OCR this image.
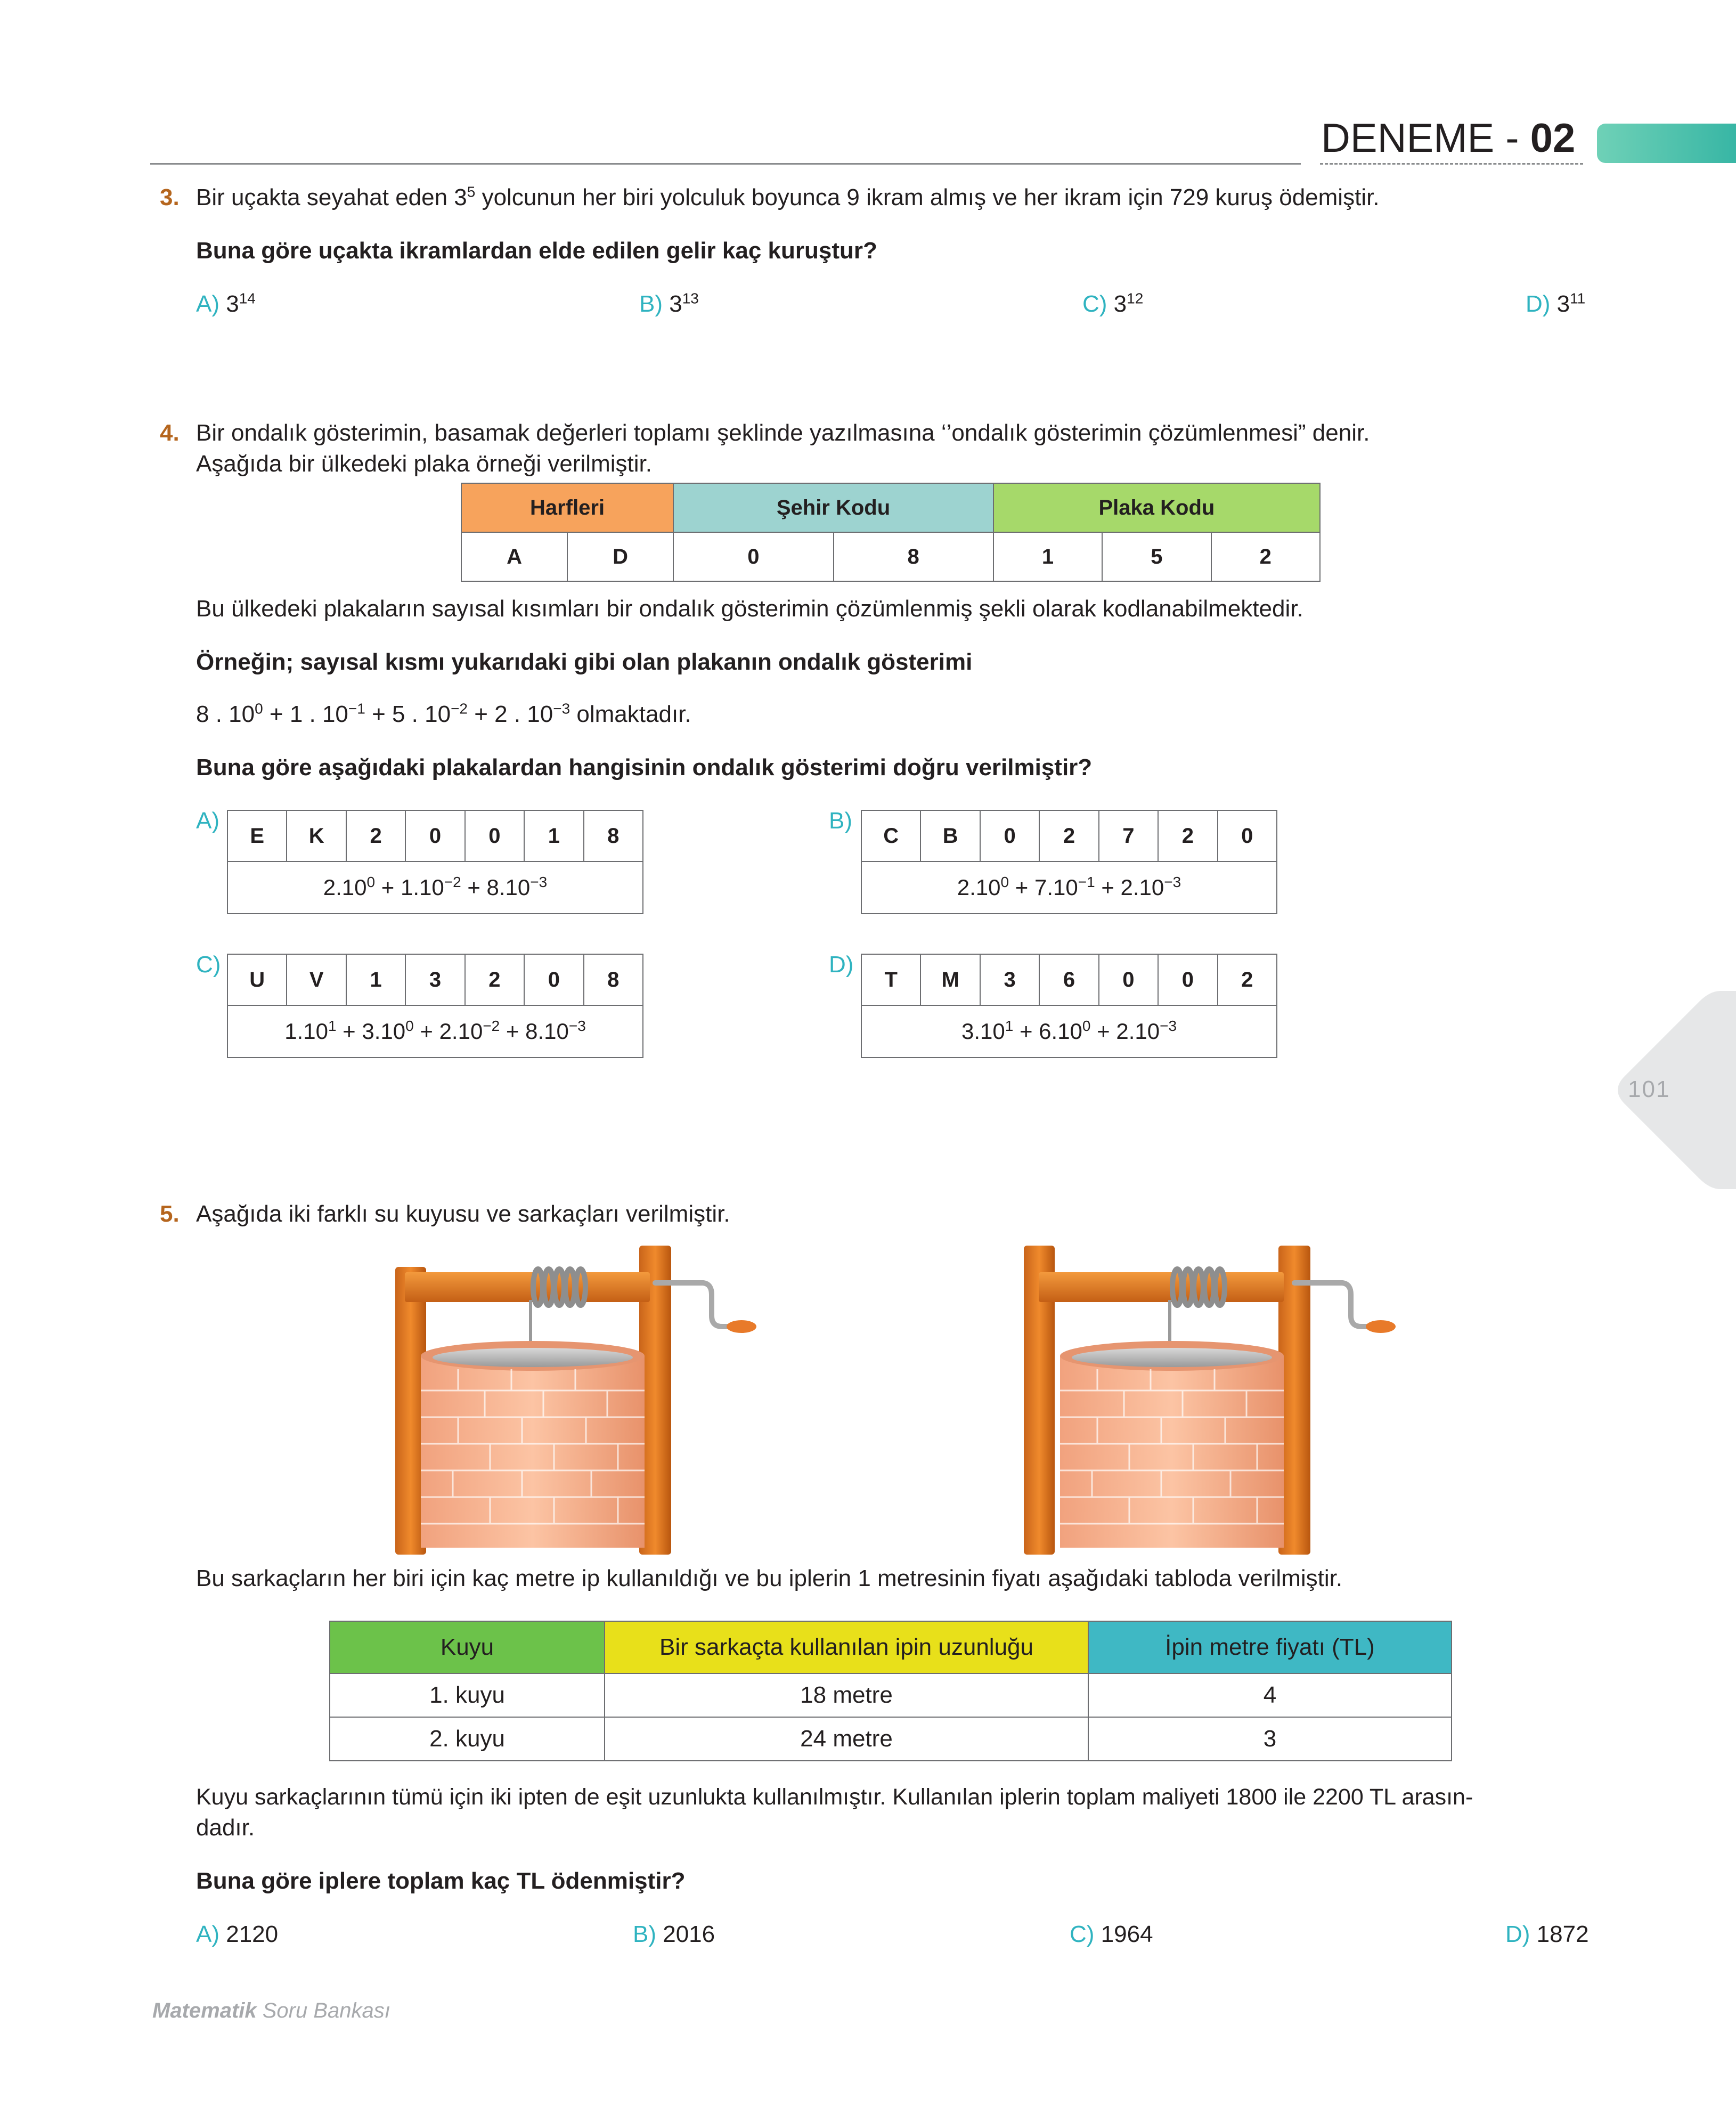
DENEME - 02
3. Bir uçakta seyahat eden $3^5$ yolcunun her biri yolculuk boyunca 9 ikram almış ve her ikram için 729 kuruş ödemiştir.
Buna göre uçakta ikramlardan elde edilen gelir kaç kuruştur?
A) $3^{14}$	B) $3^{13}$	C) $3^{12}$	D) $3^{11}$
4. Bir ondalık gösterimin, basamak değerleri toplamı şeklinde yazılmasına ‘’ondalık gösterimin çözümlenmesi” denir.
Aşağıda bir ülkedeki plaka örneği verilmiştir.
Harfleri		Şehir Kodu		Plaka Kodu		
A	D	0	8	1	5	2
Bu ülkedeki plakaların sayısal kısımları bir ondalık gösterimin çözümlenmiş şekli olarak kodlanabilmektedir.
Örneğin; sayısal kısmı yukarıdaki gibi olan plakanın ondalık gösterimi
8 . $10^0 + 1$ . $10^{-1} + 5$ . $10^{-2} + 2$ . $10^{-3}$ olmaktadır.
Buna göre aşağıdaki plakalardan hangisinin ondalık gösterimi doğru verilmiştir?
A)
E	K	2	0	0	1	8
$2.10^0 + 1.10^{-2} + 8.10^{-3}$
B)
C	B	0	2	7	2	0
$2.10^0 + 7.10^{-1} + 2.10^{-3}$
C)
U	V	1	3	2	0	8
$1.10^1 + 3.10^0 + 2.10^{-2} + 8.10^{-3}$
D)
T	M	3	6	0	0	2
$3.10^1 + 6.10^0 + 2.10^{-3}$
101
5. Aşağıda iki farklı su kuyusu ve sarkaçları verilmiştir.
Bu sarkaçların her biri için kaç metre ip kullanıldığı ve bu iplerin 1 metresinin fiyatı aşağıdaki tabloda verilmiştir.
Kuyu	Bir sarkaçta kullanılan ipin uzunluğu	İpin metre fiyatı (TL)
1. kuyu	18 metre	4
2. kuyu	24 metre	3
Kuyu sarkaçlarının tümü için iki ipten de eşit uzunlukta kullanılmıştır. Kullanılan iplerin toplam maliyeti 1800 ile 2200 TL arasın-
dadır.
Buna göre iplere toplam kaç TL ödenmiştir?
A) 2120	B) 2016	C) 1964	D) 1872
Matematik Soru Bankası
